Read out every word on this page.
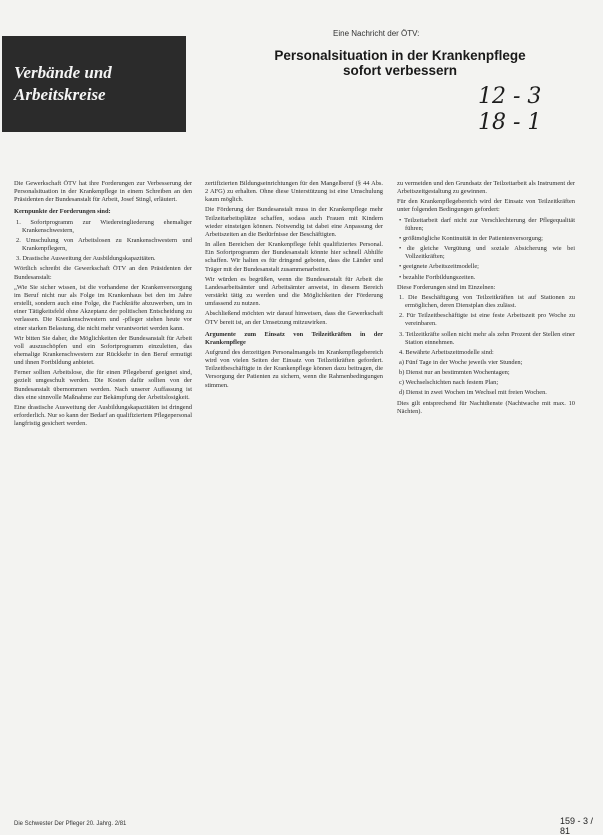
Verbände und
Arbeitskreise
Eine Nachricht der ÖTV:
Personalsituation in der Krankenpflege
sofort verbessern
12 - 3
18 - 1

Die Gewerkschaft ÖTV hat ihre Forderungen zur Verbesserung der Personalsituation in der Krankenpflege in einem Schreiben an den Präsidenten der Bundesanstalt für Arbeit, Josef Stingl, erläutert.

Kernpunkte der Forderungen sind:

1. Sofortprogramm zur Wiedereingliederung ehemaliger Krankenschwestern,

2. Umschulung von Arbeitslosen zu Krankenschwestern und Krankenpflegern,

3. Drastische Ausweitung der Ausbildungskapazitäten.

Wörtlich schreibt die Gewerkschaft ÖTV an den Präsidenten der Bundesanstalt:

„Wie Sie sicher wissen, ist die vorhandene der Krankenversorgung im Beruf nicht nur als Folge im Krankenhaus bei den im Jahre erstellt, sondern auch eine Folge, die Fachkräfte abzuwerben, um in einer Tätigkeitsfeld ohne Akzeptanz der politischen Entscheidung zu verlassen. Die Krankenschwestern und -pfleger stehen heute vor einer starken Belastung, die nicht mehr verantwortet werden kann.

Wir bitten Sie daher, die Möglichkeiten der Bundesanstalt für Arbeit voll auszuschöpfen und ein Sofortprogramm einzuleiten, das ehemalige Krankenschwestern zur Rückkehr in den Beruf ermutigt und ihnen Fortbildung anbietet.

Ferner sollten Arbeitslose, die für einen Pflegeberuf geeignet sind, gezielt umgeschult werden. Die Kosten dafür sollten von der Bundesanstalt übernommen werden. Nach unserer Auffassung ist dies eine sinnvolle Maßnahme zur Bekämpfung der Arbeitslosigkeit.

Eine drastische Ausweitung der Ausbildungskapazitäten ist dringend erforderlich. Nur so kann der Bedarf an qualifiziertem Pflegepersonal langfristig gesichert werden.

zertifizierten Bildungseinrichtungen für den Mangelberuf (§ 44 Abs. 2 AFG) zu erhalten. Ohne diese Unterstützung ist eine Umschulung kaum möglich.

Die Förderung der Bundesanstalt muss in der Krankenpflege mehr Teilzeitarbeitsplätze schaffen, sodass auch Frauen mit Kindern wieder einsteigen können. Notwendig ist dabei eine Anpassung der Arbeitszeiten an die Bedürfnisse der Beschäftigten.

In allen Bereichen der Krankenpflege fehlt qualifiziertes Personal. Ein Sofortprogramm der Bundesanstalt könnte hier schnell Abhilfe schaffen. Wir halten es für dringend geboten, dass die Länder und Träger mit der Bundesanstalt zusammenarbeiten.

Wir würden es begrüßen, wenn die Bundesanstalt für Arbeit die Landesarbeitsämter und Arbeitsämter anweist, in diesem Bereich verstärkt tätig zu werden und die Möglichkeiten der Förderung umfassend zu nutzen.

Abschließend möchten wir darauf hinweisen, dass die Gewerkschaft ÖTV bereit ist, an der Umsetzung mitzuwirken.

Argumente zum Einsatz von Teilzeitkräften in der Krankenpflege

Aufgrund des derzeitigen Personalmangels im Krankenpflegebereich wird von vielen Seiten der Einsatz von Teilzeitkräften gefordert. Teilzeitbeschäftigte in der Krankenpflege können dazu beitragen, die Versorgung der Patienten zu sichern, wenn die Rahmenbedingungen stimmen.

zu vermeiden und den Grundsatz der Teilzeitarbeit als Instrument der Arbeitszeitgestaltung zu gewinnen.

Für den Krankenpflegebereich wird der Einsatz von Teilzeitkräften unter folgenden Bedingungen gefordert:

• Teilzeitarbeit darf nicht zur Verschlechterung der Pflegequalität führen;

• größtmögliche Kontinuität in der Patientenversorgung;

• die gleiche Vergütung und soziale Absicherung wie bei Vollzeitkräften;

• geeignete Arbeitszeitmodelle;

• bezahlte Fortbildungszeiten.

Diese Forderungen sind im Einzelnen:

1. Die Beschäftigung von Teilzeitkräften ist auf Stationen zu ermöglichen, deren Dienstplan dies zulässt.

2. Für Teilzeitbeschäftigte ist eine feste Arbeitszeit pro Woche zu vereinbaren.

3. Teilzeitkräfte sollen nicht mehr als zehn Prozent der Stellen einer Station einnehmen.

4. Bewährte Arbeitszeitmodelle sind:

a) Fünf Tage in der Woche jeweils vier Stunden;

b) Dienst nur an bestimmten Wochentagen;

c) Wechselschichten nach festem Plan;

d) Dienst in zwei Wochen im Wechsel mit freien Wochen.

Dies gilt entsprechend für Nachtdienste (Nachtwache mit max. 10 Nächten).

Die Schwester Der Pfleger 20. Jahrg. 2/81	159 - 3 / 81
